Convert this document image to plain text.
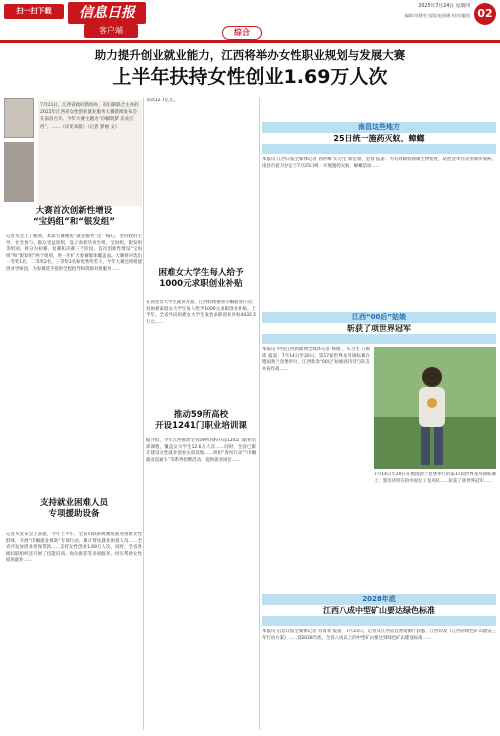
扫一扫下载	信息日报
客户端	综合
2025年7月24日 星期四
编辑/刘静雯 组版/赵丽娜 校对/戴凯 02
助力提升创业就业能力，江西将举办女性职业规划与发展大赛
上半年扶持女性创业1.69万人次
7月23日，江西省政府新闻办、省妇联联合主办的2025年江西省女性创业就业服务大赛新闻发布会在南昌召开。今年大赛主题为“巾帼筑梦 乐业江西”。……（详见本版）（记者 梦丽 文）
大赛首次创新性增设
“宝妈组”和“银发组”
记者从会上了解到，本届大赛聚焦“就业服务”这一核心，坚持政府主导、社会参与、群众受益原则，设立高校毕业生组、宝妈组、银发组等组别，将分为初赛、复赛和决赛三个阶段。首次创新性增设“宝妈组”和“银发组”两个组别，进一步扩大参赛群体覆盖面。大赛将评选出一等奖1名、二等奖2名、三等奖3名和优秀奖若干。今年大赛还将组建创业导师团，为参赛选手提供全程指导和资源对接服务……
支持就业困难人员
专项援助设备
记者从发布会上获悉，今年上半年，全省妇联系统聚焦就业困难女性群体，开展“巾帼就业援助”专项行动，累计帮扶就业困难人员……全省共发放创业担保贷款……支持女性创业1.69万人次。同时，全省各级妇联组织还开展了技能培训、岗位推荐等多项服务，切实帮助女性稳岗就业……
贷款32.7亿元。
困难女大学生每人给予
1000元求职创业补贴
在促进女大学生就业方面，江西持续推进巾帼就业行动，对困难家庭女大学生每人给予1000元求职创业补贴。上半年，全省共向困难女大学生发放求职创业补贴4432.5万元……
推动59所高校
开设1241门职业培训课
据介绍，今年江西推动全省59所高校开设1241门职业培训课程，覆盖女大学生12.6万人次……同时，全省已累计建设女性就业创业实训基地……组织“春风行动”“巾帼就业直通车”等系列招聘活动，提供就业岗位……
南昌这些地方
25日统一施药灭蚊、蟑螂
本报讯 江西日报全媒体记者 孙洪峰 实习生 蔡佳翔、金睿 报道：为有效降低病媒生物密度，防控登革热等虫媒传染病，南昌市爱卫办定于7月25日统一开展施药灭蚊、蟑螂活动……
江西“00后”姑娘
斩获了项世界冠军
本报讯 中国江西新闻网全媒体记者 杨薇 、实习生 万顿琦 报道：7月14日至20日，第17届世界龙舟锦标赛在德国勃兰登堡举行，江西新余“00后”姑娘郭诗诗与队友并肩作战……
7月14日至20日在德国勃兰登堡举行的第17届世界龙舟锦标赛上，郭诗诗所在的中国女子龙舟队……斩获了项世界冠军……
2028年底
江西八成中型矿山要达绿色标准
本报讯 信息日报全媒体记者 肖菁菁 报道：7月23日，记者从江西省自然资源厅获悉，江西印发《江西省绿色矿山建设三年行动方案》……到2028年底，全省八成以上的中型矿山要达到绿色矿山建设标准……
